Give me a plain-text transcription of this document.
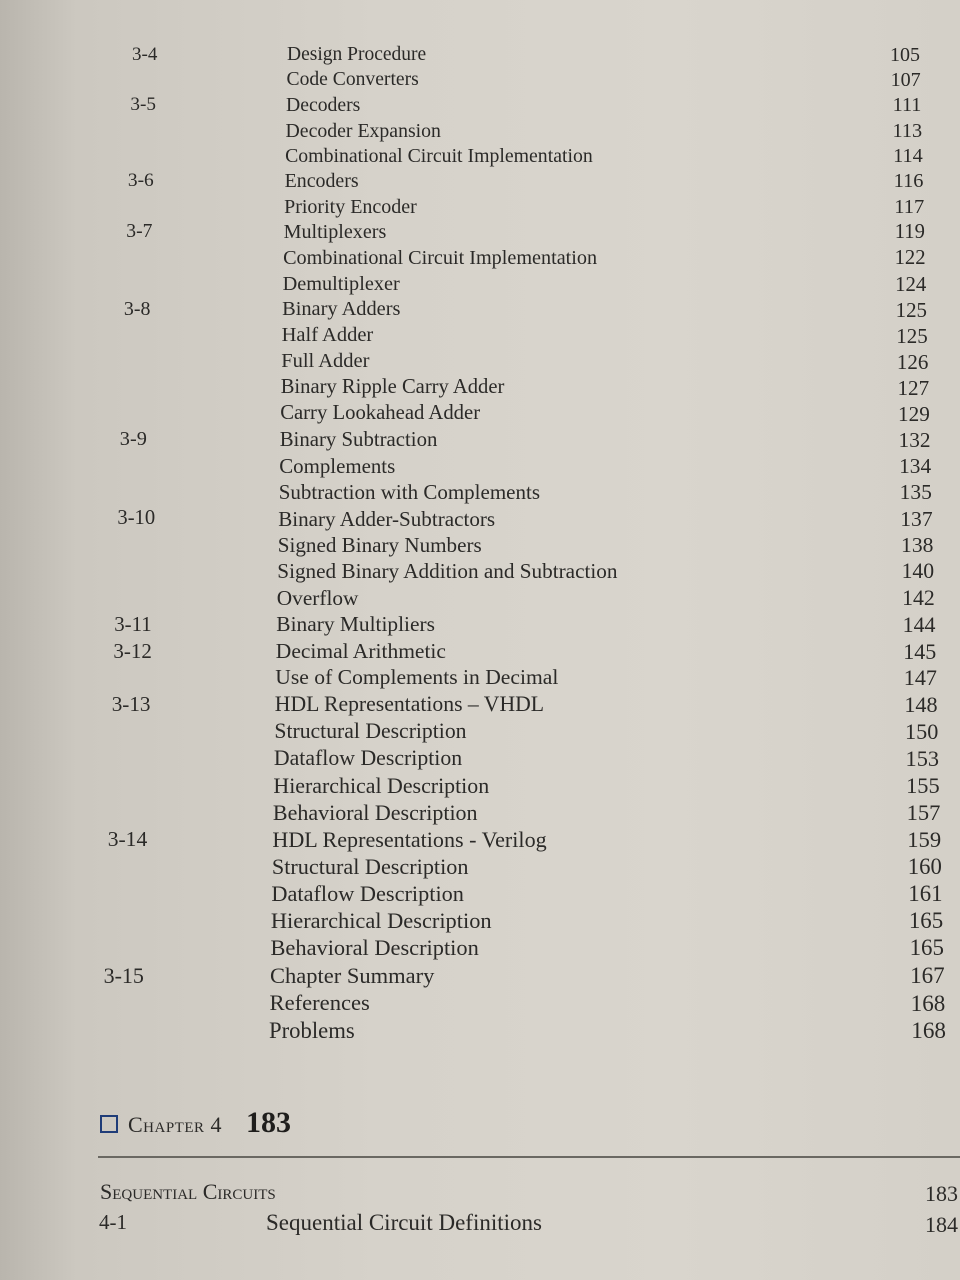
3-4	Design Procedure	105
Code Converters	107
3-5	Decoders	111
Decoder Expansion	113
Combinational Circuit Implementation	114
3-6	Encoders	116
Priority Encoder	117
3-7	Multiplexers	119
Combinational Circuit Implementation	122
Demultiplexer	124
3-8	Binary Adders	125
Half Adder	125
Full Adder	126
Binary Ripple Carry Adder	127
Carry Lookahead Adder	129
3-9	Binary Subtraction	132
Complements	134
Subtraction with Complements	135
3-10	Binary Adder-Subtractors	137
Signed Binary Numbers	138
Signed Binary Addition and Subtraction	140
Overflow	142
3-11	Binary Multipliers	144
3-12	Decimal Arithmetic	145
Use of Complements in Decimal	147
3-13	HDL Representations – VHDL	148
Structural Description	150
Dataflow Description	153
Hierarchical Description	155
Behavioral Description	157
3-14	HDL Representations - Verilog	159
Structural Description	160
Dataflow Description	161
Hierarchical Description	165
Behavioral Description	165
3-15	Chapter Summary	167
References	168
Problems	168
Chapter 4 183
Sequential Circuits	183
4-1	Sequential Circuit Definitions	184
